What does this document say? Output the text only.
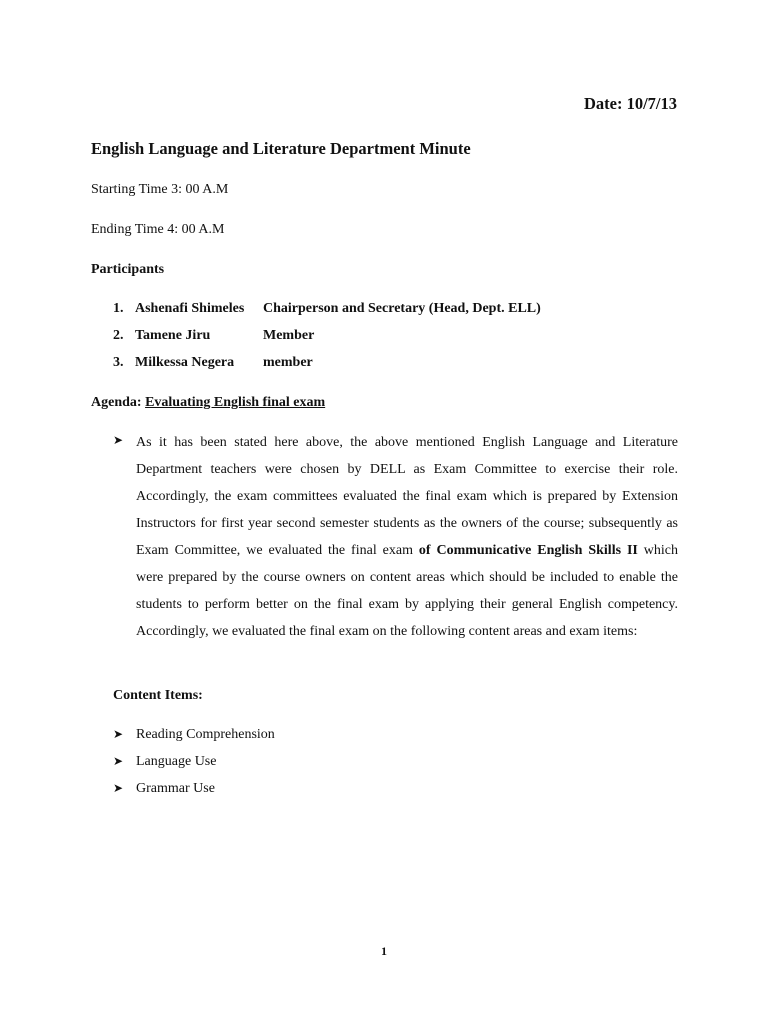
Date: 10/7/13
English Language and Literature Department Minute
Starting Time 3: 00 A.M
Ending Time 4: 00 A.M
Participants
1. Ashenafi Shimeles Chairperson and Secretary (Head, Dept. ELL)
2. Tamene Jiru	Member
3. Milkessa Negera member
Agenda: Evaluating English final exam
➤ As it has been stated here above, the above mentioned English Language and Literature Department teachers were chosen by DELL as Exam Committee to exercise their role. Accordingly, the exam committees evaluated the final exam which is prepared by Extension Instructors for first year second semester students as the owners of the course; subsequently as Exam Committee, we evaluated the final exam of Communicative English Skills II which were prepared by the course owners on content areas which should be included to enable the students to perform better on the final exam by applying their general English competency. Accordingly, we evaluated the final exam on the following content areas and exam items:
Content Items:
➤ Reading Comprehension
➤ Language Use
➤ Grammar Use
1
